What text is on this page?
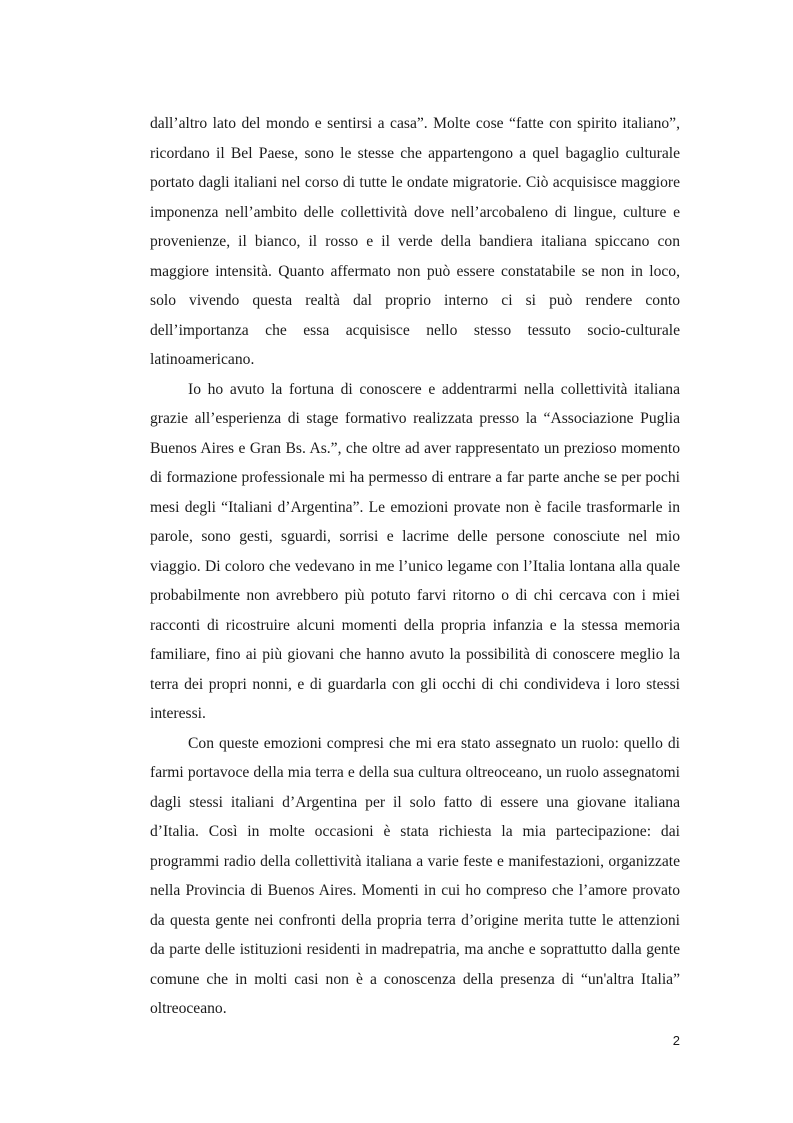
dall’altro lato del mondo e sentirsi a casa”. Molte cose “fatte con spirito italiano”, ricordano il Bel Paese, sono le stesse che appartengono a quel bagaglio culturale portato dagli italiani nel corso di tutte le ondate migratorie. Ciò acquisisce maggiore imponenza nell’ambito delle collettività dove nell’arcobaleno di lingue, culture e provenienze, il bianco, il rosso e il verde della bandiera italiana spiccano con maggiore intensità. Quanto affermato non può essere constatabile se non in loco, solo vivendo questa realtà dal proprio interno ci si può rendere conto dell’importanza che essa acquisisce nello stesso tessuto socio-culturale latinoamericano.

Io ho avuto la fortuna di conoscere e addentrarmi nella collettività italiana grazie all’esperienza di stage formativo realizzata presso la “Associazione Puglia Buenos Aires e Gran Bs. As.”, che oltre ad aver rappresentato un prezioso momento di formazione professionale mi ha permesso di entrare a far parte anche se per pochi mesi degli “Italiani d’Argentina”. Le emozioni provate non è facile trasformarle in parole, sono gesti, sguardi, sorrisi e lacrime delle persone conosciute nel mio viaggio. Di coloro che vedevano in me l’unico legame con l’Italia lontana alla quale probabilmente non avrebbero più potuto farvi ritorno o di chi cercava con i miei racconti di ricostruire alcuni momenti della propria infanzia e la stessa memoria familiare, fino ai più giovani che hanno avuto la possibilità di conoscere meglio la terra dei propri nonni, e di guardarla con gli occhi di chi condivideva i loro stessi interessi.

Con queste emozioni compresi che mi era stato assegnato un ruolo: quello di farmi portavoce della mia terra e della sua cultura oltreoceano, un ruolo assegnatomi dagli stessi italiani d’Argentina per il solo fatto di essere una giovane italiana d’Italia. Così in molte occasioni è stata richiesta la mia partecipazione: dai programmi radio della collettività italiana a varie feste e manifestazioni, organizzate nella Provincia di Buenos Aires. Momenti in cui ho compreso che l’amore provato da questa gente nei confronti della propria terra d’origine merita tutte le attenzioni da parte delle istituzioni residenti in madrepatria, ma anche e soprattutto dalla gente comune che in molti casi non è a conoscenza della presenza di “un'altra Italia” oltreoceano.

2
